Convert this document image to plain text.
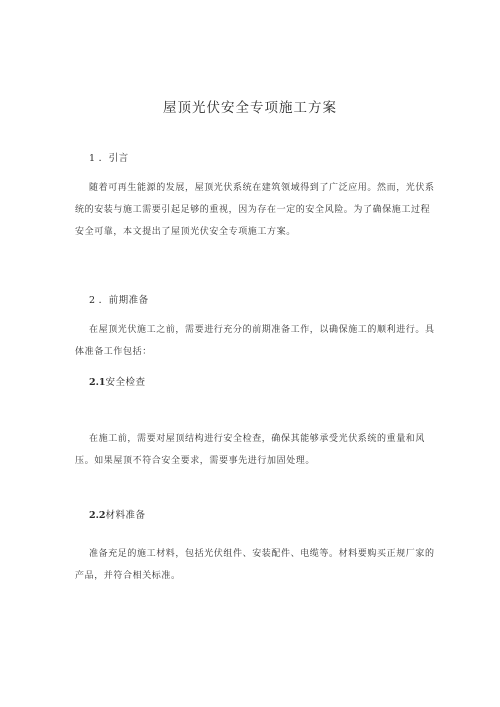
屋顶光伏安全专项施工方案
1 ．引言
随着可再生能源的发展，屋顶光伏系统在建筑领域得到了广泛应用。然而，光伏系统的安装与施工需要引起足够的重视，因为存在一定的安全风险。为了确保施工过程安全可靠，本文提出了屋顶光伏安全专项施工方案。
2 ．前期准备
在屋顶光伏施工之前，需要进行充分的前期准备工作，以确保施工的顺利进行。具体准备工作包括：
2.1安全检查
在施工前，需要对屋顶结构进行安全检查，确保其能够承受光伏系统的重量和风压。如果屋顶不符合安全要求，需要事先进行加固处理。
2.2材料准备
准备充足的施工材料，包括光伏组件、安装配件、电缆等。材料要购买正规厂家的产品，并符合相关标准。
